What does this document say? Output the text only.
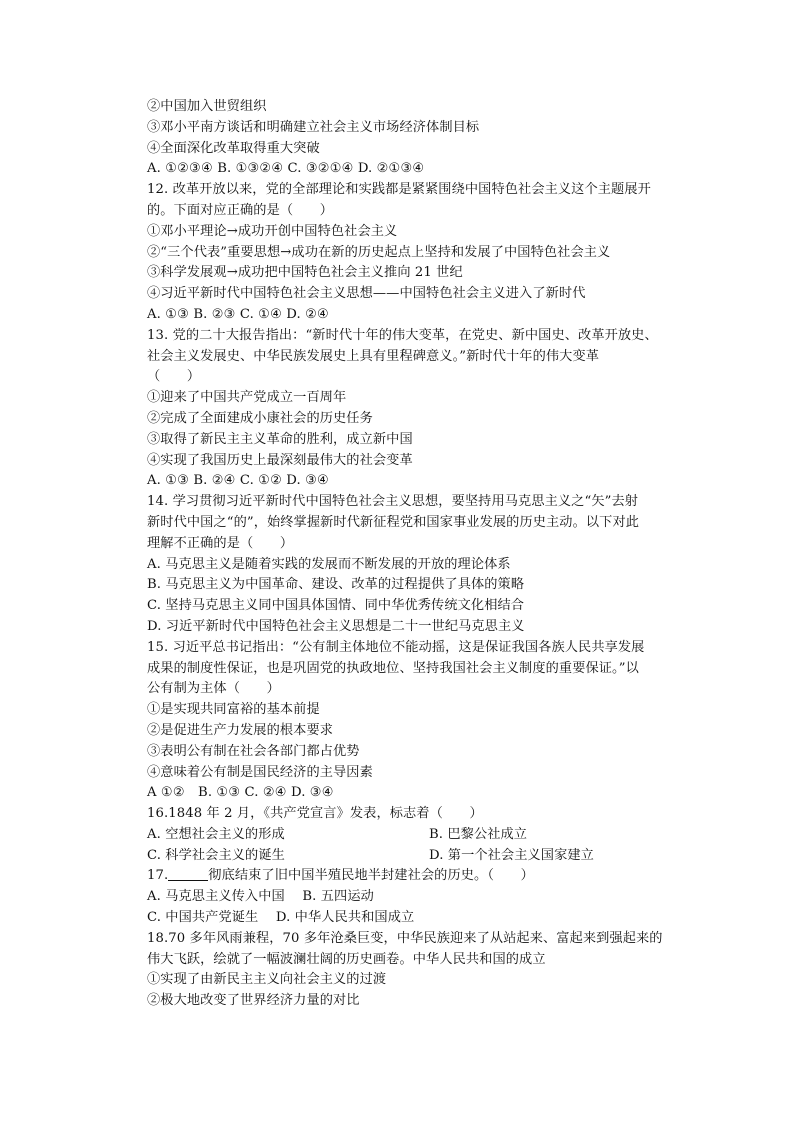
②中国加入世贸组织
③邓小平南方谈话和明确建立社会主义市场经济体制目标
④全面深化改革取得重大突破
A. ①②③④ B. ①③②④ C. ③②①④ D. ②①③④
12. 改革开放以来，党的全部理论和实践都是紧紧围绕中国特色社会主义这个主题展开
的。下面对应正确的是（　　）
①邓小平理论→成功开创中国特色社会主义
②“三个代表”重要思想→成功在新的历史起点上坚持和发展了中国特色社会主义
③科学发展观→成功把中国特色社会主义推向 21 世纪
④习近平新时代中国特色社会主义思想——中国特色社会主义进入了新时代
A. ①③ B. ②③ C. ①④ D. ②④
13. 党的二十大报告指出：“新时代十年的伟大变革，在党史、新中国史、改革开放史、
社会主义发展史、中华民族发展史上具有里程碑意义。”新时代十年的伟大变革
（　　）
①迎来了中国共产党成立一百周年
②完成了全面建成小康社会的历史任务
③取得了新民主主义革命的胜利，成立新中国
④实现了我国历史上最深刻最伟大的社会变革
A. ①③ B. ②④ C. ①② D. ③④
14. 学习贯彻习近平新时代中国特色社会主义思想，要坚持用马克思主义之“矢”去射
新时代中国之“的”，始终掌握新时代新征程党和国家事业发展的历史主动。以下对此
理解不正确的是（　　）
A. 马克思主义是随着实践的发展而不断发展的开放的理论体系
B. 马克思主义为中国革命、建设、改革的过程提供了具体的策略
C. 坚持马克思主义同中国具体国情、同中华优秀传统文化相结合
D. 习近平新时代中国特色社会主义思想是二十一世纪马克思主义
15. 习近平总书记指出：“公有制主体地位不能动摇，这是保证我国各族人民共享发展
成果的制度性保证，也是巩固党的执政地位、坚持我国社会主义制度的重要保证。”以
公有制为主体（　　）
①是实现共同富裕的基本前提
②是促进生产力发展的根本要求
③表明公有制在社会各部门都占优势
④意味着公有制是国民经济的主导因素
A ①②　B. ①③ C. ②④ D. ③④
16.1848 年 2 月，《共产党宣言》发表，标志着（　　）
A. 空想社会主义的形成	B. 巴黎公社成立
C. 科学社会主义的诞生	D. 第一个社会主义国家建立
17.	彻底结束了旧中国半殖民地半封建社会的历史。（　　）
A. 马克思主义传入中国　 B. 五四运动
C. 中国共产党诞生　 D. 中华人民共和国成立
18.70 多年风雨兼程，70 多年沧桑巨变，中华民族迎来了从站起来、富起来到强起来的
伟大飞跃，绘就了一幅波澜壮阔的历史画卷。中华人民共和国的成立
①实现了由新民主主义向社会主义的过渡
②极大地改变了世界经济力量的对比
